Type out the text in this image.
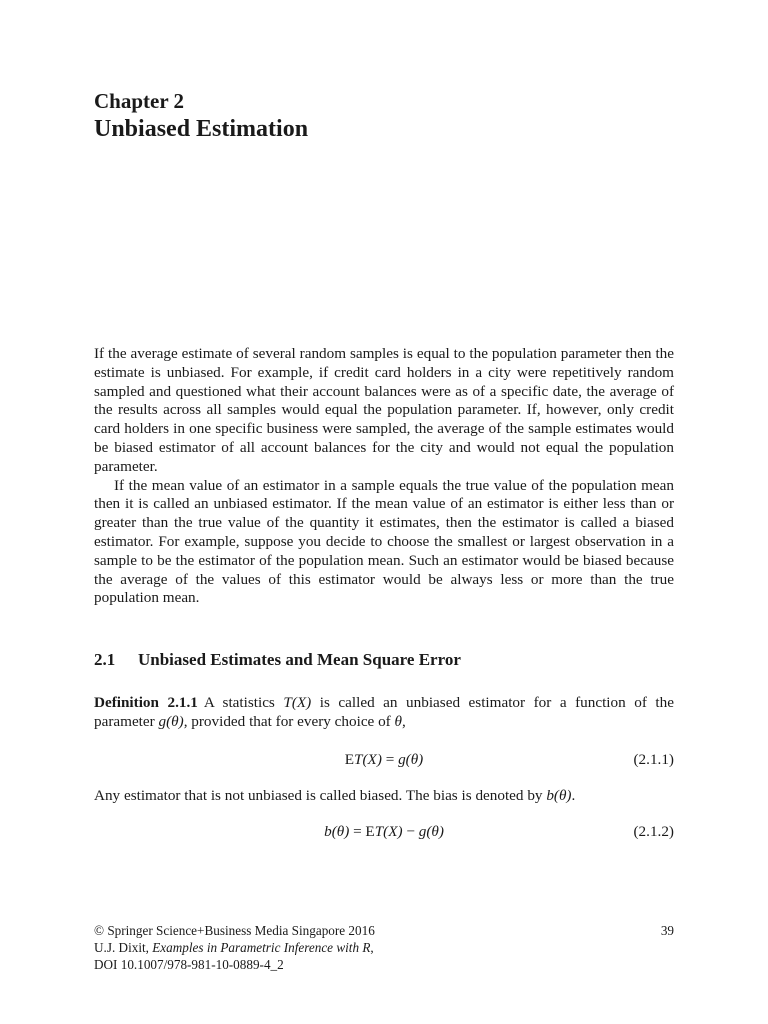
Chapter 2
Unbiased Estimation

If the average estimate of several random samples is equal to the population parameter then the estimate is unbiased. For example, if credit card holders in a city were repetitively random sampled and questioned what their account balances were as of a specific date, the average of the results across all samples would equal the population parameter. If, however, only credit card holders in one specific business were sampled, the average of the sample estimates would be biased estimator of all account balances for the city and would not equal the population parameter.

If the mean value of an estimator in a sample equals the true value of the population mean then it is called an unbiased estimator. If the mean value of an estimator is either less than or greater than the true value of the quantity it estimates, then the estimator is called a biased estimator. For example, suppose you decide to choose the smallest or largest observation in a sample to be the estimator of the population mean. Such an estimator would be biased because the average of the values of this estimator would be always less or more than the true population mean.

2.1 Unbiased Estimates and Mean Square Error

Definition 2.1.1 A statistics T(X) is called an unbiased estimator for a function of the parameter g(θ), provided that for every choice of θ,

ET(X) = g(θ)	(2.1.1)

Any estimator that is not unbiased is called biased. The bias is denoted by b(θ).

b(θ) = ET(X) − g(θ)	(2.1.2)
© Springer Science+Business Media Singapore 2016
U.J. Dixit, Examples in Parametric Inference with R,
DOI 10.1007/978-981-10-0889-4_2
39
